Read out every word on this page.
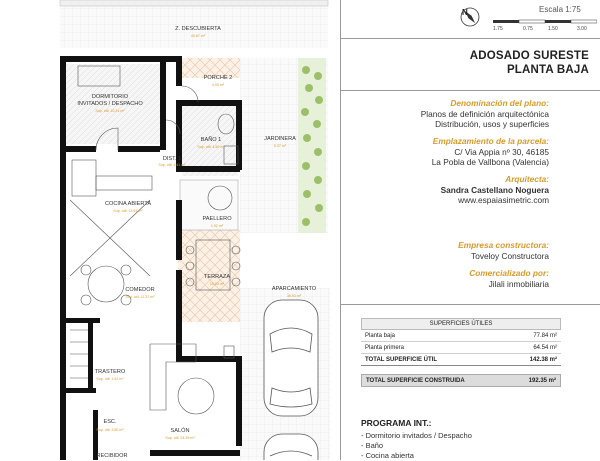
Z. DESCUBIERTA
40.67 m²
DORMITORIO
INVITADOS / DESPACHO
Sup. útil: 10.31 m²
PORCHE 2
4.03 m²
BAÑO 1
Sup. útil: 4.50 m²
DIST. 1
Sup. útil: 1.41 m²
JARDINERA
5.37 m²
COCINA ABIERTA
Sup. útil: 13.63 m²
PAELLERO
1.92 m²
TERRAZA
10.03 m²
COMEDOR
Sup. útil: 11.37 m²
APARCAMIENTO
36.93 m²
TRASTERO
Sup. útil: 1.53 m²
ESC.
Sup. útil: 3.80 m²	SALÓN
Sup. útil: 24.39 m²
RECIBIDOR
N	Escala 1:75
1.75	0.75	1.50	3.00
ADOSADO SURESTE
PLANTA BAJA
Denominación del plano:
Planos de definición arquitectónica
Distribución, usos y superficies
Emplazamiento de la parcela:
C/ Via Appia nº 30, 46185
La Pobla de Vallbona (Valencia)
Arquitecta:
Sandra Castellano Noguera
www.espaiasimetric.com
Empresa constructora:
Toveloy Constructora
Comercializado por:
Jilali inmobiliaria
SUPERFICIES ÚTILES
Planta baja	77.84 m²
Planta primera	64.54 m²
TOTAL SUPERFICIE ÚTIL	142.38 m²
TOTAL SUPERFICIE CONSTRUIDA	192.35 m²
PROGRAMA INT.:
- Dormitorio invitados / Despacho
- Baño
- Cocina abierta
